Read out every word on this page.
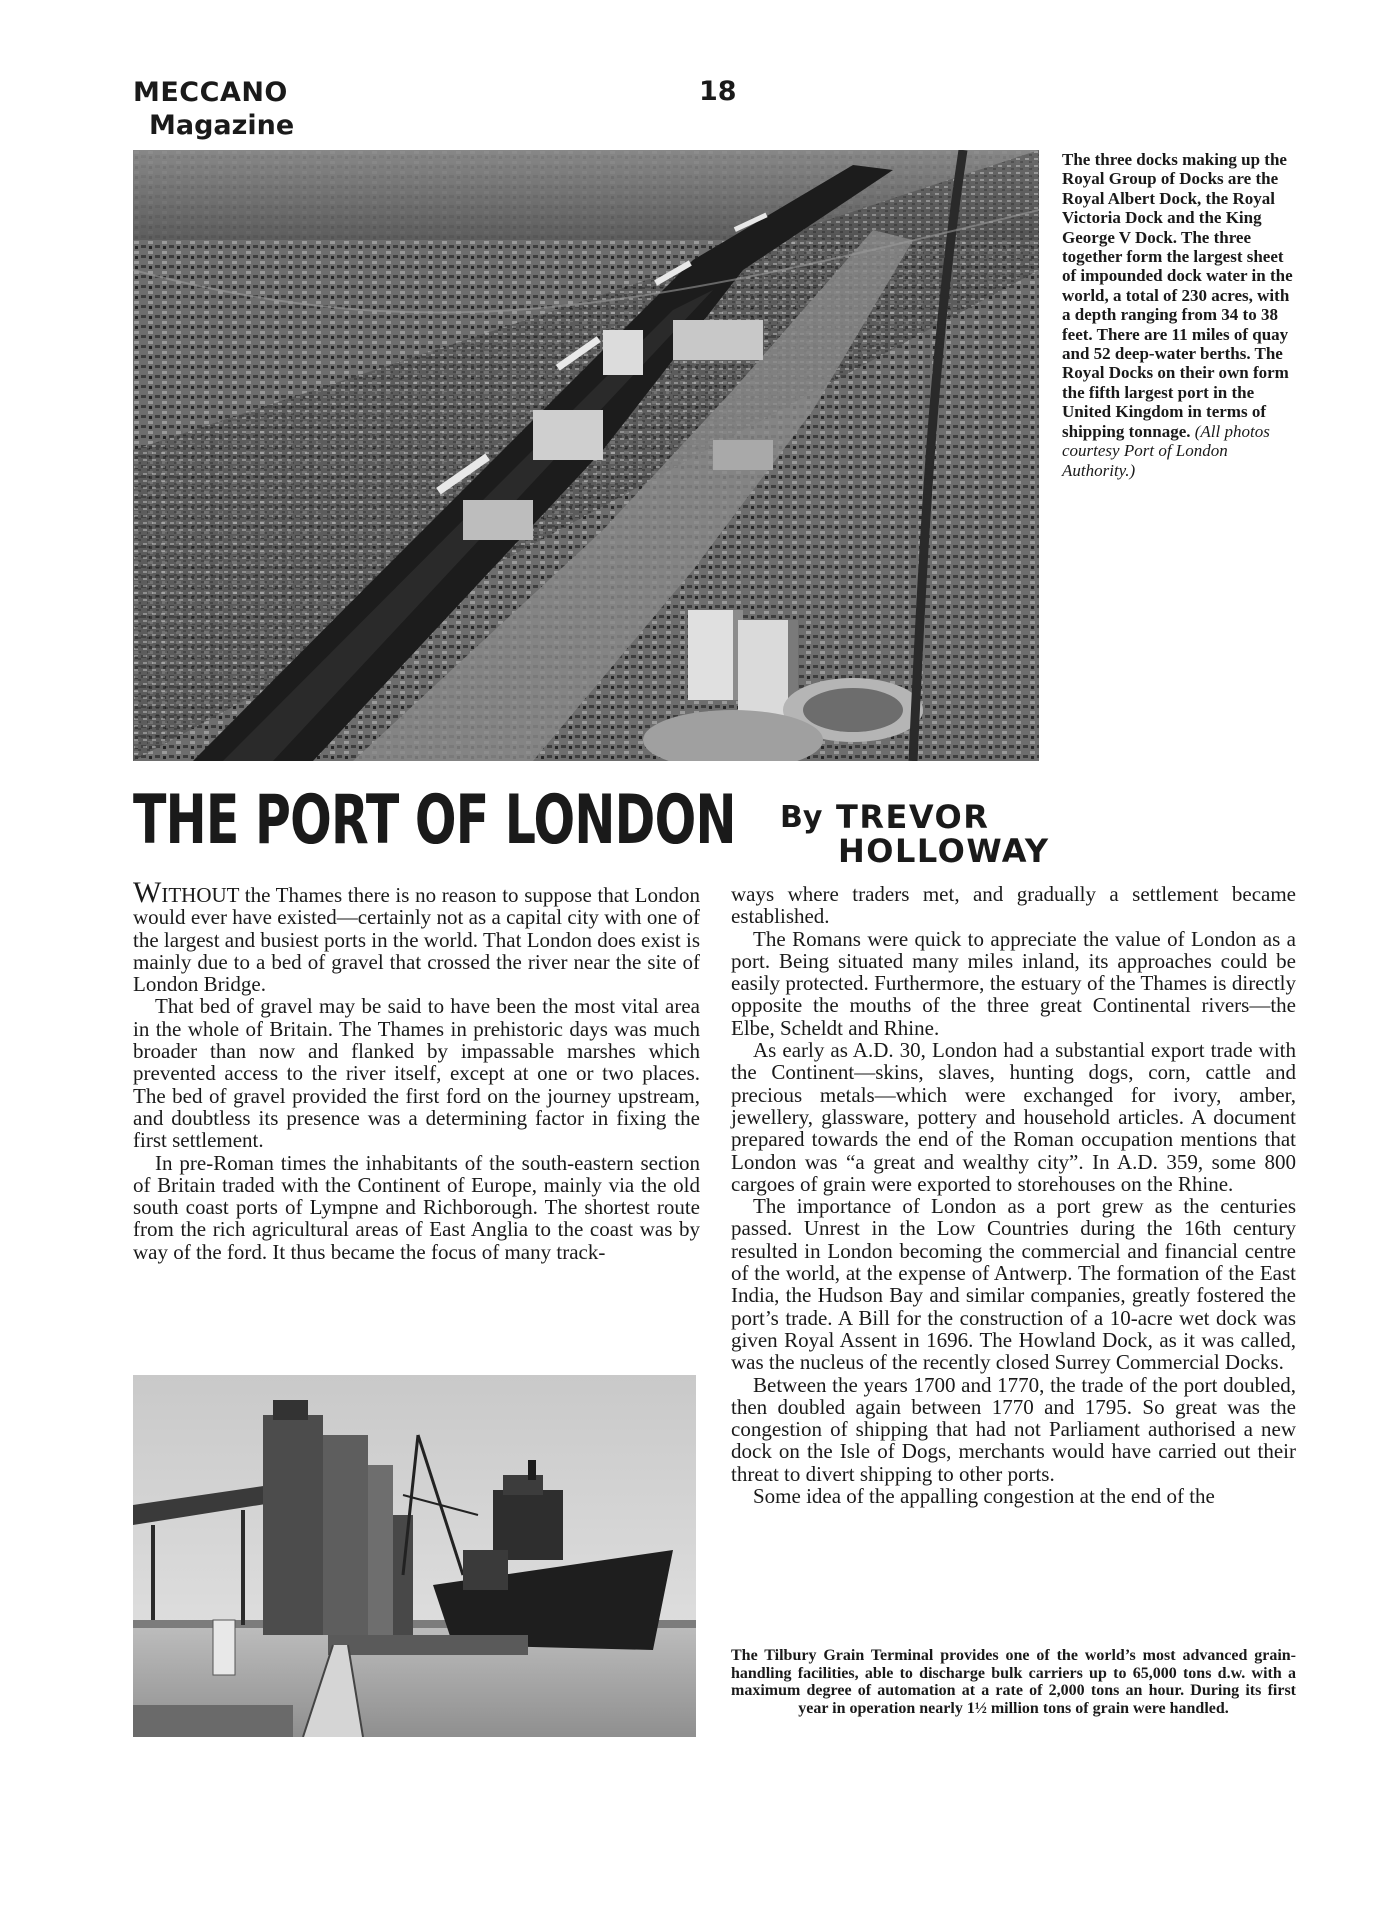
MECCANO
Magazine
18
The three docks making up the Royal Group of Docks are the Royal Albert Dock, the Royal Victoria Dock and the King George V Dock. The three together form the largest sheet of impounded dock water in the world, a total of 230 acres, with a depth ranging from 34 to 38 feet. There are 11 miles of quay and 52 deep-water berths. The Royal Docks on their own form the fifth largest port in the United Kingdom in terms of shipping tonnage. (All photos courtesy Port of London Authority.)
THE PORT OF LONDON By TREVOR
HOLLOWAY

WITHOUT the Thames there is no reason to suppose that London would ever have existed—certainly not as a capital city with one of the largest and busiest ports in the world. That London does exist is mainly due to a bed of gravel that crossed the river near the site of London Bridge.

That bed of gravel may be said to have been the most vital area in the whole of Britain. The Thames in prehistoric days was much broader than now and flanked by impassable marshes which prevented access to the river itself, except at one or two places. The bed of gravel provided the first ford on the journey upstream, and doubtless its presence was a determining factor in fixing the first settlement.

In pre-Roman times the inhabitants of the south-eastern section of Britain traded with the Continent of Europe, mainly via the old south coast ports of Lympne and Richborough. The shortest route from the rich agricultural areas of East Anglia to the coast was by way of the ford. It thus became the focus of many track-

ways where traders met, and gradually a settlement became established.

The Romans were quick to appreciate the value of London as a port. Being situated many miles inland, its approaches could be easily protected. Furthermore, the estuary of the Thames is directly opposite the mouths of the three great Continental rivers—the Elbe, Scheldt and Rhine.

As early as A.D. 30, London had a substantial export trade with the Continent—skins, slaves, hunting dogs, corn, cattle and precious metals—which were exchanged for ivory, amber, jewellery, glassware, pottery and household articles. A document prepared towards the end of the Roman occupation mentions that London was “a great and wealthy city”. In A.D. 359, some 800 cargoes of grain were exported to storehouses on the Rhine.

The importance of London as a port grew as the centuries passed. Unrest in the Low Countries during the 16th century resulted in London becoming the commercial and financial centre of the world, at the expense of Antwerp. The formation of the East India, the Hudson Bay and similar companies, greatly fostered the port’s trade. A Bill for the construction of a 10-acre wet dock was given Royal Assent in 1696. The Howland Dock, as it was called, was the nucleus of the recently closed Surrey Commercial Docks.

Between the years 1700 and 1770, the trade of the port doubled, then doubled again between 1770 and 1795. So great was the congestion of shipping that had not Parliament authorised a new dock on the Isle of Dogs, merchants would have carried out their threat to divert shipping to other ports.

Some idea of the appalling congestion at the end of the

The Tilbury Grain Terminal provides one of the world’s most advanced grain-handling facilities, able to discharge bulk carriers up to 65,000 tons d.w. with a maximum degree of automation at a rate of 2,000 tons an hour. During its first year in operation nearly 1½ million tons of grain were handled.
